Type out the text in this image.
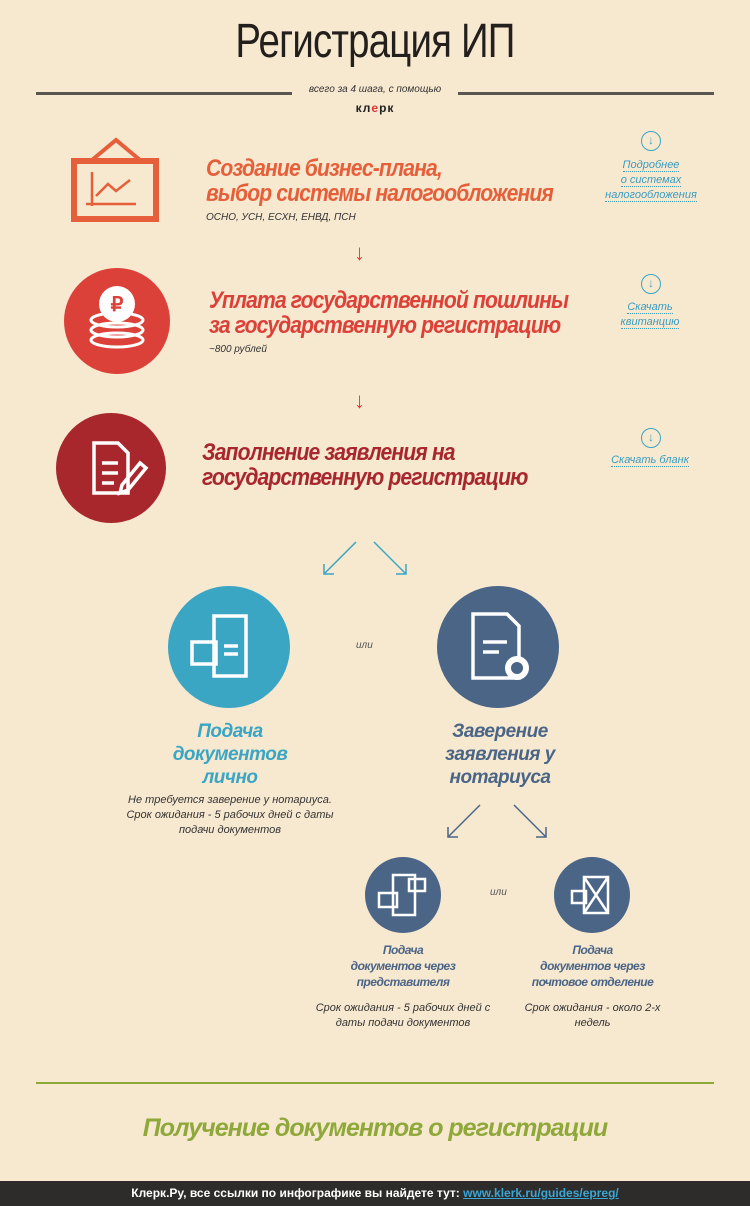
Регистрация ИП
всего за 4 шага, с помощью
клерк
Создание бизнес-плана,
выбор системы налогообложения
ОСНО, УСН, ЕСХН, ЕНВД, ПСН
↓
Подробнее
о системах
налогообложения
↓
₽	Уплата государственной пошлины
за государственную регистрацию
~800 рублей
↓
Скачать
квитанцию
↓
Заполнение заявления на
государственную регистрацию
↓
Скачать бланк
или
Подача
документов
лично
Не требуется заверение у нотариуса.
Срок ожидания - 5 рабочих дней с даты
подачи документов
Заверение
заявления у
нотариуса
или
Подача
документов через
представителя
Срок ожидания - 5 рабочих дней с
даты подачи документов
Подача
документов через
почтовое отделение
Срок ожидания - около 2-х
недель
Получение документов о регистрации
Клерк.Ру, все ссылки по инфографике вы найдете тут: www.klerk.ru/guides/epreg/
